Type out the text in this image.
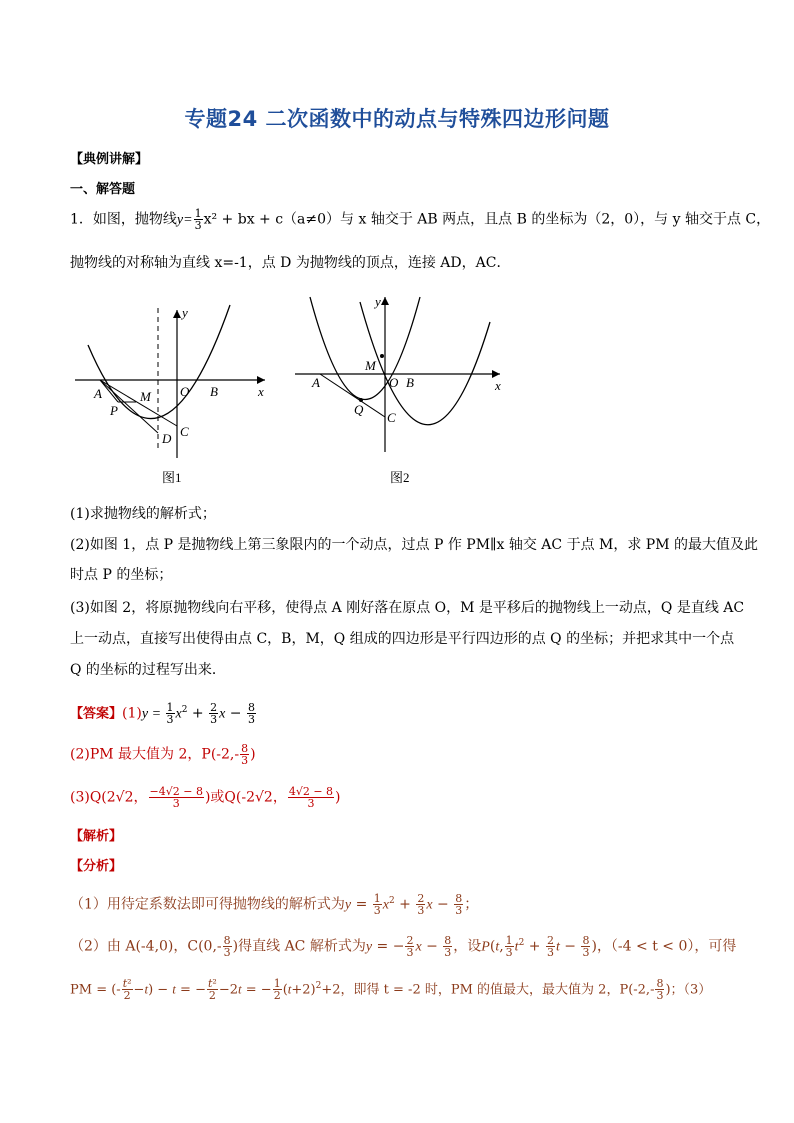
专题24 二次函数中的动点与特殊四边形问题
【典例讲解】
一、解答题
1．如图，抛物线$y= \frac{1}{3} x^2$ + bx + c（a≠0）与 x 轴交于 AB 两点，且点 B 的坐标为（2，0），与 y 轴交于点 C，
抛物线的对称轴为直线 x=-1，点 D 为抛物线的顶点，连接 AD，AC．
y
x
O
A	B
C
D
M
P
图1
y
x
O
A	B
C
M
Q
图2
(1)求抛物线的解析式；
(2)如图 1，点 P 是抛物线上第三象限内的一个动点，过点 P 作 PM∥x 轴交 AC 于点 M，求 PM 的最大值及此
时点 P 的坐标；
(3)如图 2，将原抛物线向右平移，使得点 A 刚好落在原点 O，M 是平移后的抛物线上一动点，Q 是直线 AC
上一动点，直接写出使得由点 C，B，M，Q 组成的四边形是平行四边形的点 Q 的坐标；并把求其中一个点
Q 的坐标的过程写出来．
【答案】$(1)y = \frac{1}{3} x^2 + \frac{2}{3}$ $x - \frac{8}{3}$
(2)PM 最大值为 2，$P(-2,- \frac{8}{3}$ )
(3)Q(2√2， $\frac{-4√2 - 8}{3}$ )或Q(-2√2， $\frac{4√2 - 8}{3}$ )
【解析】
【分析】
（1）用待定系数法即可得抛物线的解析式为$y = \frac{1}{3} x^2 + \frac{2}{3}$ $x - \frac{8}{3}$ ；
（2）由 A(-4,0)，$C(0,- \frac{8}{3}$ )得直线 AC 解析式为y = − $\frac{2}{3}$ $x - \frac{8}{3}$ ，设P(t, $\frac{1}{3} t^2 + \frac{2}{3}$ $t - \frac{8}{3}$ )，（-4 < t < 0），可得
PM = (- $\frac{\text{t²}}{2} -t) - t$ = − $\frac{\text{t²}}{2} -2t$ = − $\frac{1}{2} (t+2)^2+2$，即得 t = -2 时，PM 的值最大，最大值为 2，$P(-2,- \frac{8}{3}$ )；（3）
